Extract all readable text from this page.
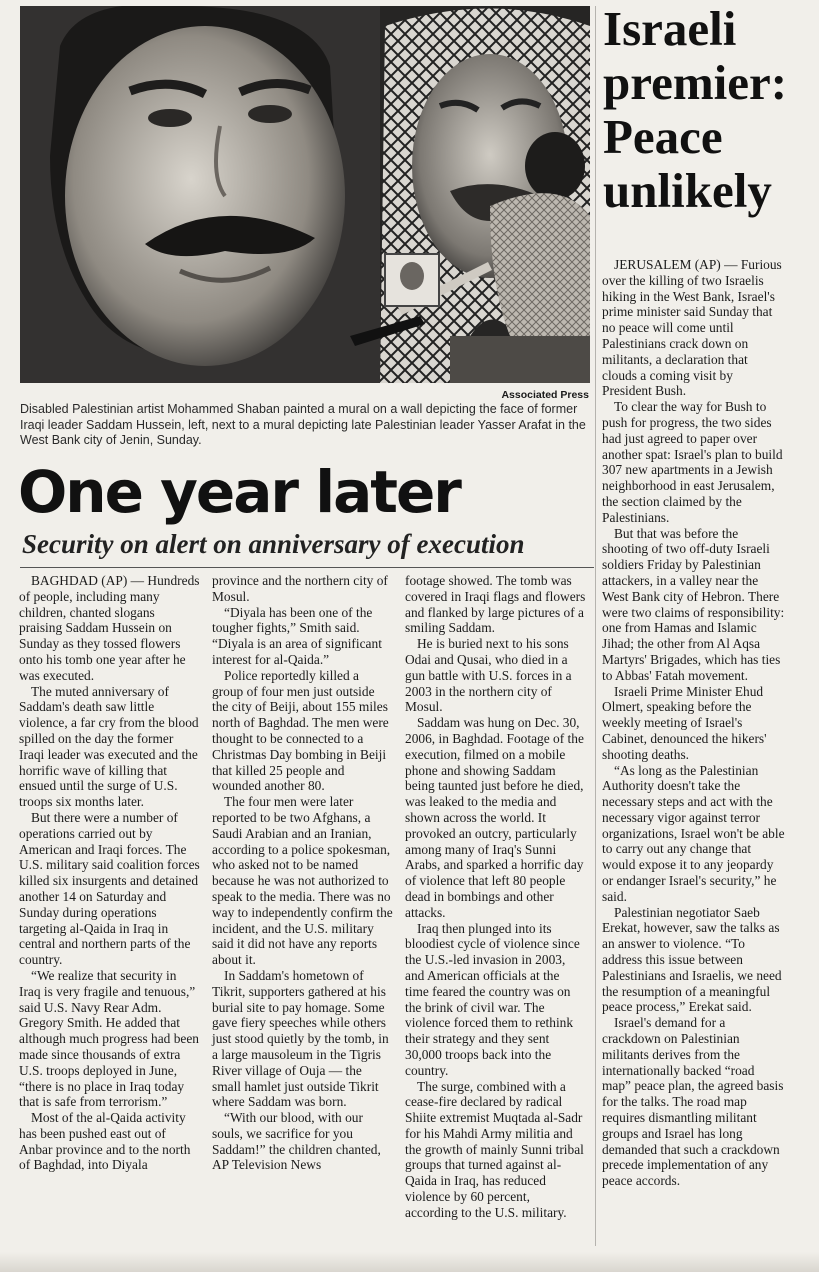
Associated Press
Disabled Palestinian artist Mohammed Shaban painted a mural on a wall depicting the face of former Iraqi leader Saddam Hussein, left, next to a mural depicting late Palestinian leader Yasser Arafat in the West Bank city of Jenin, Sunday.
One year later
Security on alert on anniversary of execution

BAGHDAD (AP) — Hundreds of people, including many children, chanted slogans praising Saddam Hussein on Sunday as they tossed flowers onto his tomb one year after he was executed.

The muted anniversary of Saddam's death saw little violence, a far cry from the blood spilled on the day the former Iraqi leader was executed and the horrific wave of killing that ensued until the surge of U.S. troops six months later.

But there were a number of operations carried out by American and Iraqi forces. The U.S. military said coalition forces killed six insurgents and detained another 14 on Saturday and Sunday during operations targeting al-Qaida in Iraq in central and northern parts of the country.

“We realize that security in Iraq is very fragile and tenuous,” said U.S. Navy Rear Adm. Gregory Smith. He added that although much progress had been made since thousands of extra U.S. troops deployed in June, “there is no place in Iraq today that is safe from terrorism.”

Most of the al-Qaida activity has been pushed east out of Anbar province and to the north of Baghdad, into Diyala

province and the northern city of Mosul.

“Diyala has been one of the tougher fights,” Smith said. “Diyala is an area of significant interest for al-Qaida.”

Police reportedly killed a group of four men just outside the city of Beiji, about 155 miles north of Baghdad. The men were thought to be connected to a Christmas Day bombing in Beiji that killed 25 people and wounded another 80.

The four men were later reported to be two Afghans, a Saudi Arabian and an Iranian, according to a police spokesman, who asked not to be named because he was not authorized to speak to the media. There was no way to independently confirm the incident, and the U.S. military said it did not have any reports about it.

In Saddam's hometown of Tikrit, supporters gathered at his burial site to pay homage. Some gave fiery speeches while others just stood quietly by the tomb, in a large mausoleum in the Tigris River village of Ouja — the small hamlet just outside Tikrit where Saddam was born.

“With our blood, with our souls, we sacrifice for you Saddam!” the children chanted, AP Television News

footage showed. The tomb was covered in Iraqi flags and flowers and flanked by large pictures of a smiling Saddam.

He is buried next to his sons Odai and Qusai, who died in a gun battle with U.S. forces in a 2003 in the northern city of Mosul.

Saddam was hung on Dec. 30, 2006, in Baghdad. Footage of the execution, filmed on a mobile phone and showing Saddam being taunted just before he died, was leaked to the media and shown across the world. It provoked an outcry, particularly among many of Iraq's Sunni Arabs, and sparked a horrific day of violence that left 80 people dead in bombings and other attacks.

Iraq then plunged into its bloodiest cycle of violence since the U.S.-led invasion in 2003, and American officials at the time feared the country was on the brink of civil war. The violence forced them to rethink their strategy and they sent 30,000 troops back into the country.

The surge, combined with a cease-fire declared by radical Shiite extremist Muqtada al-Sadr for his Mahdi Army militia and the growth of mainly Sunni tribal groups that turned against al-Qaida in Iraq, has reduced violence by 60 percent, according to the U.S. military.

Israeli premier: Peace unlikely

JERUSALEM (AP) — Furious over the killing of two Israelis hiking in the West Bank, Israel's prime minister said Sunday that no peace will come until Palestinians crack down on militants, a declaration that clouds a coming visit by President Bush.

To clear the way for Bush to push for progress, the two sides had just agreed to paper over another spat: Israel's plan to build 307 new apartments in a Jewish neighborhood in east Jerusalem, the section claimed by the Palestinians.

But that was before the shooting of two off-duty Israeli soldiers Friday by Palestinian attackers, in a valley near the West Bank city of Hebron. There were two claims of responsibility: one from Hamas and Islamic Jihad; the other from Al Aqsa Martyrs' Brigades, which has ties to Abbas' Fatah movement.

Israeli Prime Minister Ehud Olmert, speaking before the weekly meeting of Israel's Cabinet, denounced the hikers' shooting deaths.

“As long as the Palestinian Authority doesn't take the necessary steps and act with the necessary vigor against terror organizations, Israel won't be able to carry out any change that would expose it to any jeopardy or endanger Israel's security,” he said.

Palestinian negotiator Saeb Erekat, however, saw the talks as an answer to violence. “To address this issue between Palestinians and Israelis, we need the resumption of a meaningful peace process,” Erekat said.

Israel's demand for a crackdown on Palestinian militants derives from the internationally backed “road map” peace plan, the agreed basis for the talks. The road map requires dismantling militant groups and Israel has long demanded that such a crackdown precede implementation of any peace accords.
